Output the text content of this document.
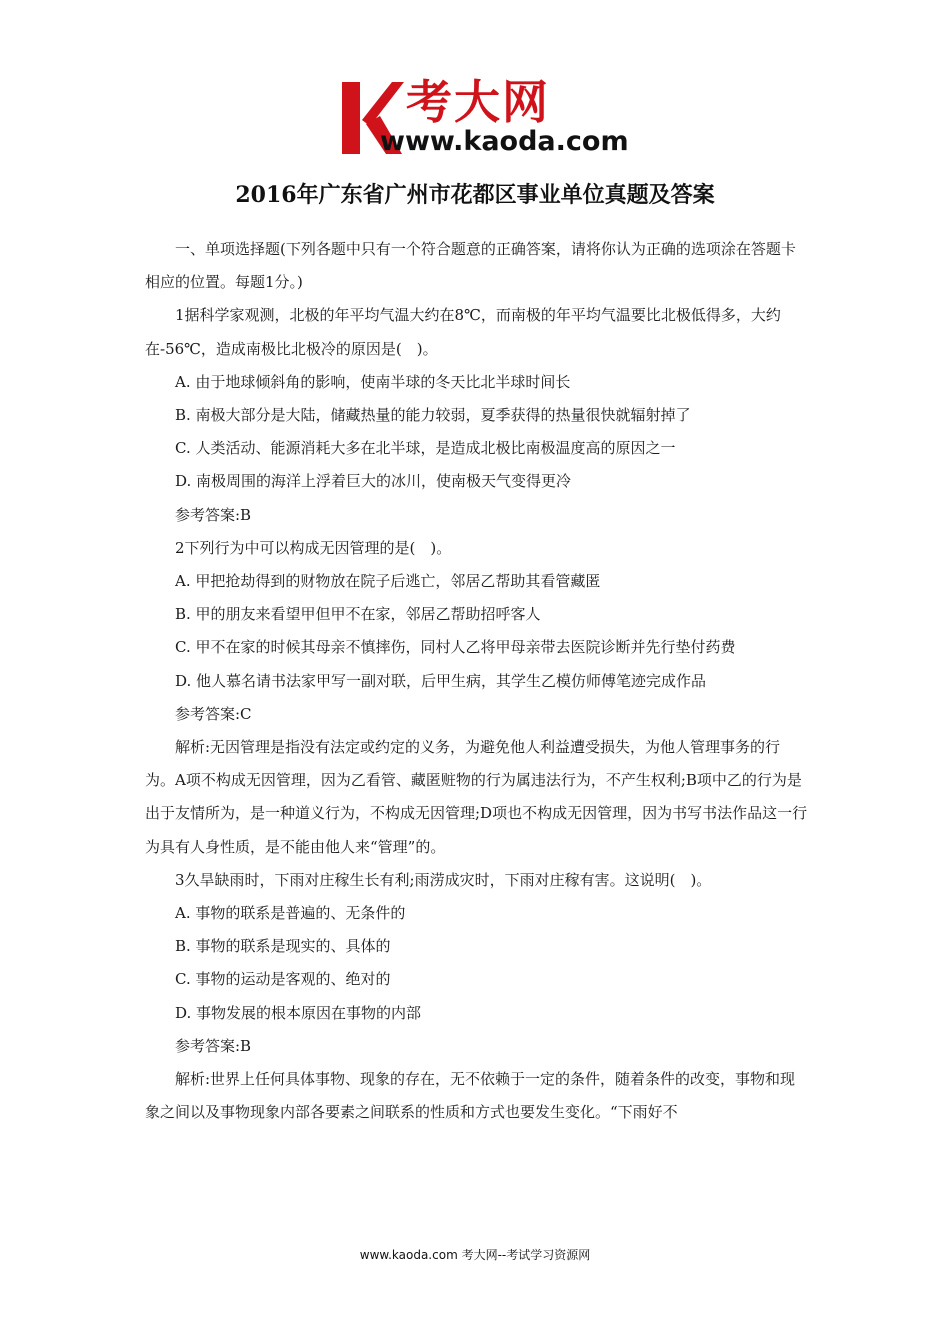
考大网
www.kaoda.com
2016年广东省广州市花都区事业单位真题及答案

一、单项选择题(下列各题中只有一个符合题意的正确答案，请将你认为正确的选项涂在答题卡相应的位置。每题1分。)

1据科学家观测，北极的年平均气温大约在8℃，而南极的年平均气温要比北极低得多，大约在-56℃，造成南极比北极冷的原因是(　)。

A. 由于地球倾斜角的影响，使南半球的冬天比北半球时间长

B. 南极大部分是大陆，储藏热量的能力较弱，夏季获得的热量很快就辐射掉了

C. 人类活动、能源消耗大多在北半球，是造成北极比南极温度高的原因之一

D. 南极周围的海洋上浮着巨大的冰川，使南极天气变得更冷

参考答案:B

2下列行为中可以构成无因管理的是(　)。

A. 甲把抢劫得到的财物放在院子后逃亡，邻居乙帮助其看管藏匿

B. 甲的朋友来看望甲但甲不在家，邻居乙帮助招呼客人

C. 甲不在家的时候其母亲不慎摔伤，同村人乙将甲母亲带去医院诊断并先行垫付药费

D. 他人慕名请书法家甲写一副对联，后甲生病，其学生乙模仿师傅笔迹完成作品

参考答案:C

解析:无因管理是指没有法定或约定的义务，为避免他人利益遭受损失，为他人管理事务的行为。A项不构成无因管理，因为乙看管、藏匿赃物的行为属违法行为，不产生权利;B项中乙的行为是出于友情所为，是一种道义行为，不构成无因管理;D项也不构成无因管理，因为书写书法作品这一行为具有人身性质，是不能由他人来“管理”的。

3久旱缺雨时，下雨对庄稼生长有利;雨涝成灾时，下雨对庄稼有害。这说明(　)。

A. 事物的联系是普遍的、无条件的

B. 事物的联系是现实的、具体的

C. 事物的运动是客观的、绝对的

D. 事物发展的根本原因在事物的内部

参考答案:B

解析:世界上任何具体事物、现象的存在，无不依赖于一定的条件，随着条件的改变，事物和现象之间以及事物现象内部各要素之间联系的性质和方式也要发生变化。“下雨好不

www.kaoda.com 考大网--考试学习资源网
